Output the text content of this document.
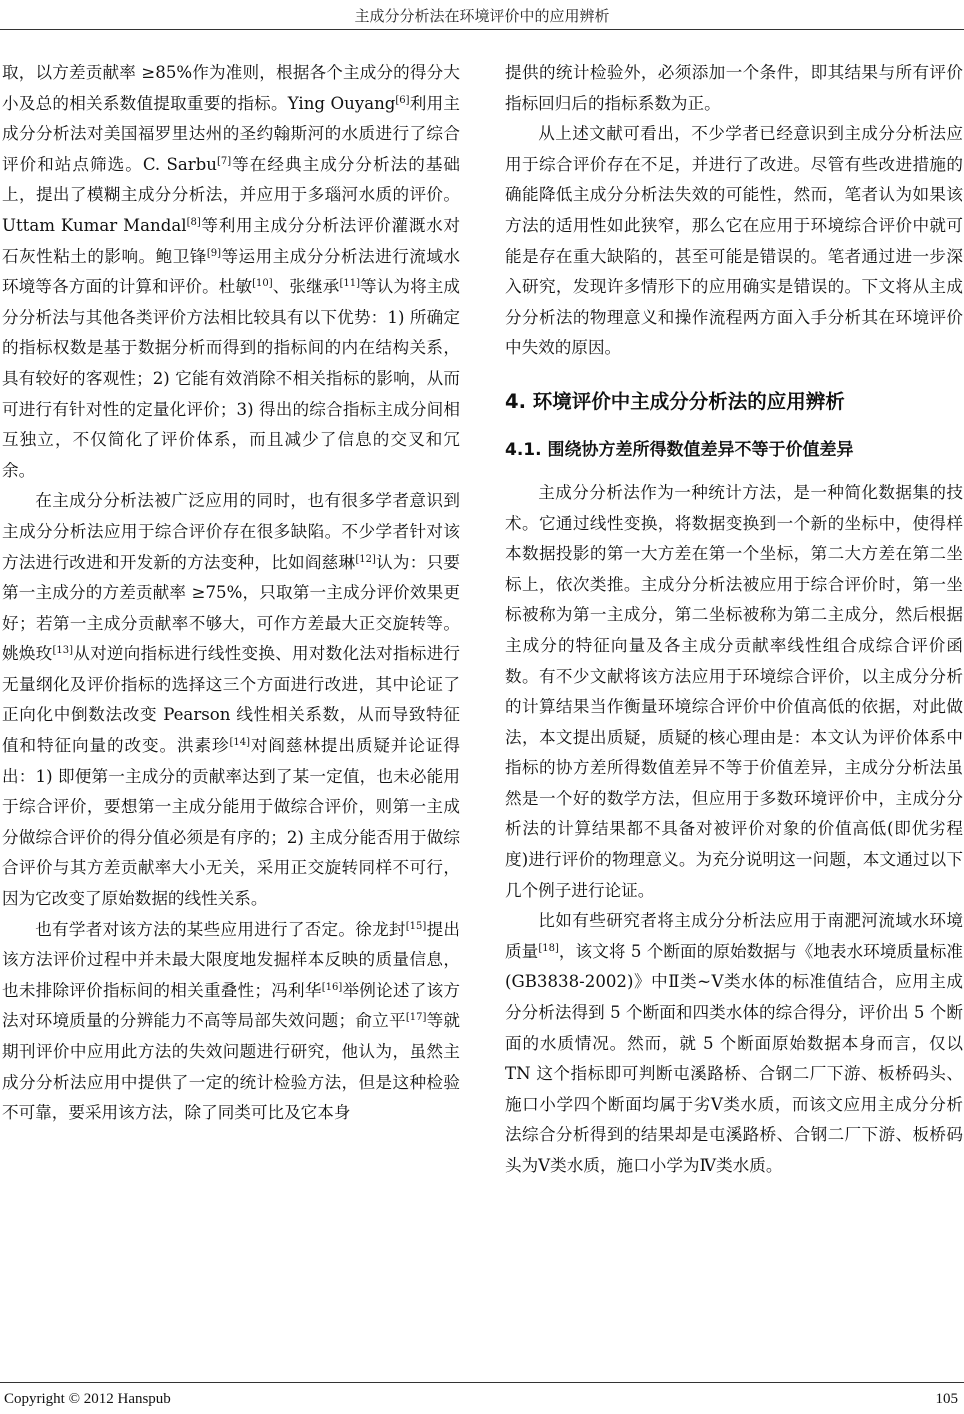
主成分分析法在环境评价中的应用辨析

取，以方差贡献率 ≥85%作为准则，根据各个主成分的得分大小及总的相关系数值提取重要的指标。Ying Ouyang[6]利用主成分分析法对美国福罗里达州的圣约翰斯河的水质进行了综合评价和站点筛选。C. Sarbu[7]等在经典主成分分析法的基础上，提出了模糊主成分分析法，并应用于多瑙河水质的评价。Uttam Kumar Mandal[8]等利用主成分分析法评价灌溉水对石灰性粘土的影响。鲍卫锋[9]等运用主成分分析法进行流域水环境等各方面的计算和评价。杜敏[10]、张继承[11]等认为将主成分分析法与其他各类评价方法相比较具有以下优势：1) 所确定的指标权数是基于数据分析而得到的指标间的内在结构关系，具有较好的客观性；2) 它能有效消除不相关指标的影响，从而可进行有针对性的定量化评价；3) 得出的综合指标主成分间相互独立，不仅简化了评价体系，而且减少了信息的交叉和冗余。

在主成分分析法被广泛应用的同时，也有很多学者意识到主成分分析法应用于综合评价存在很多缺陷。不少学者针对该方法进行改进和开发新的方法变种，比如阎慈琳[12]认为：只要第一主成分的方差贡献率 ≥75%，只取第一主成分评价效果更好；若第一主成分贡献率不够大，可作方差最大正交旋转等。姚焕玫[13]从对逆向指标进行线性变换、用对数化法对指标进行无量纲化及评价指标的选择这三个方面进行改进，其中论证了正向化中倒数法改变 Pearson 线性相关系数，从而导致特征值和特征向量的改变。洪素珍[14]对阎慈林提出质疑并论证得出：1) 即便第一主成分的贡献率达到了某一定值，也未必能用于综合评价，要想第一主成分能用于做综合评价，则第一主成分做综合评价的得分值必须是有序的；2) 主成分能否用于做综合评价与其方差贡献率大小无关，采用正交旋转同样不可行，因为它改变了原始数据的线性关系。

也有学者对该方法的某些应用进行了否定。徐龙封[15]提出该方法评价过程中并未最大限度地发掘样本反映的质量信息，也未排除评价指标间的相关重叠性；冯利华[16]举例论述了该方法对环境质量的分辨能力不高等局部失效问题；俞立平[17]等就期刊评价中应用此方法的失效问题进行研究，他认为，虽然主成分分析法应用中提供了一定的统计检验方法，但是这种检验不可靠，要采用该方法，除了同类可比及它本身

提供的统计检验外，必须添加一个条件，即其结果与所有评价指标回归后的指标系数为正。

从上述文献可看出，不少学者已经意识到主成分分析法应用于综合评价存在不足，并进行了改进。尽管有些改进措施的确能降低主成分分析法失效的可能性，然而，笔者认为如果该方法的适用性如此狭窄，那么它在应用于环境综合评价中就可能是存在重大缺陷的，甚至可能是错误的。笔者通过进一步深入研究，发现许多情形下的应用确实是错误的。下文将从主成分分析法的物理意义和操作流程两方面入手分析其在环境评价中失效的原因。

4. 环境评价中主成分分析法的应用辨析
4.1. 围绕协方差所得数值差异不等于价值差异

主成分分析法作为一种统计方法，是一种简化数据集的技术。它通过线性变换，将数据变换到一个新的坐标中，使得样本数据投影的第一大方差在第一个坐标，第二大方差在第二坐标上，依次类推。主成分分析法被应用于综合评价时，第一坐标被称为第一主成分，第二坐标被称为第二主成分，然后根据主成分的特征向量及各主成分贡献率线性组合成综合评价函数。有不少文献将该方法应用于环境综合评价，以主成分分析的计算结果当作衡量环境综合评价中价值高低的依据，对此做法，本文提出质疑，质疑的核心理由是：本文认为评价体系中指标的协方差所得数值差异不等于价值差异，主成分分析法虽然是一个好的数学方法，但应用于多数环境评价中，主成分分析法的计算结果都不具备对被评价对象的价值高低(即优劣程度)进行评价的物理意义。为充分说明这一问题，本文通过以下几个例子进行论证。

比如有些研究者将主成分分析法应用于南淝河流域水环境质量[18]，该文将 5 个断面的原始数据与《地表水环境质量标准(GB3838-2002)》中Ⅱ类~Ⅴ类水体的标准值结合，应用主成分分析法得到 5 个断面和四类水体的综合得分，评价出 5 个断面的水质情况。然而，就 5 个断面原始数据本身而言，仅以 TN 这个指标即可判断屯溪路桥、合钢二厂下游、板桥码头、施口小学四个断面均属于劣Ⅴ类水质，而该文应用主成分分析法综合分析得到的结果却是屯溪路桥、合钢二厂下游、板桥码头为Ⅴ类水质，施口小学为Ⅳ类水质。

Copyright © 2012 Hanspub	105
